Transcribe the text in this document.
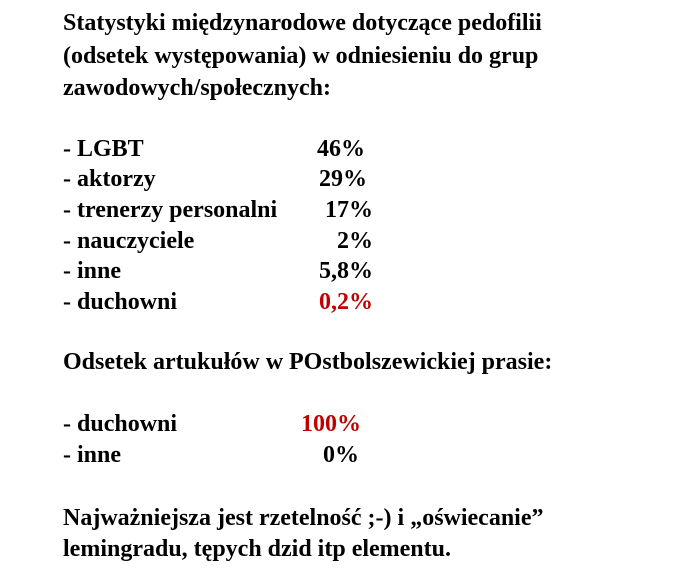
Statystyki międzynarodowe dotyczące pedofilii
(odsetek występowania) w odniesieniu do grup
zawodowych/społecznych:
- LGBT	46%
- aktorzy	29%
- trenerzy personalni 17%
- nauczyciele	2%
- inne	5,8%
- duchowni	0,2%
Odsetek artukułów w POstbolszewickiej prasie:
- duchowni	100%
- inne	0%
Najważniejsza jest rzetelność ;-) i „oświecanie”
lemingradu, tępych dzid itp elementu.
